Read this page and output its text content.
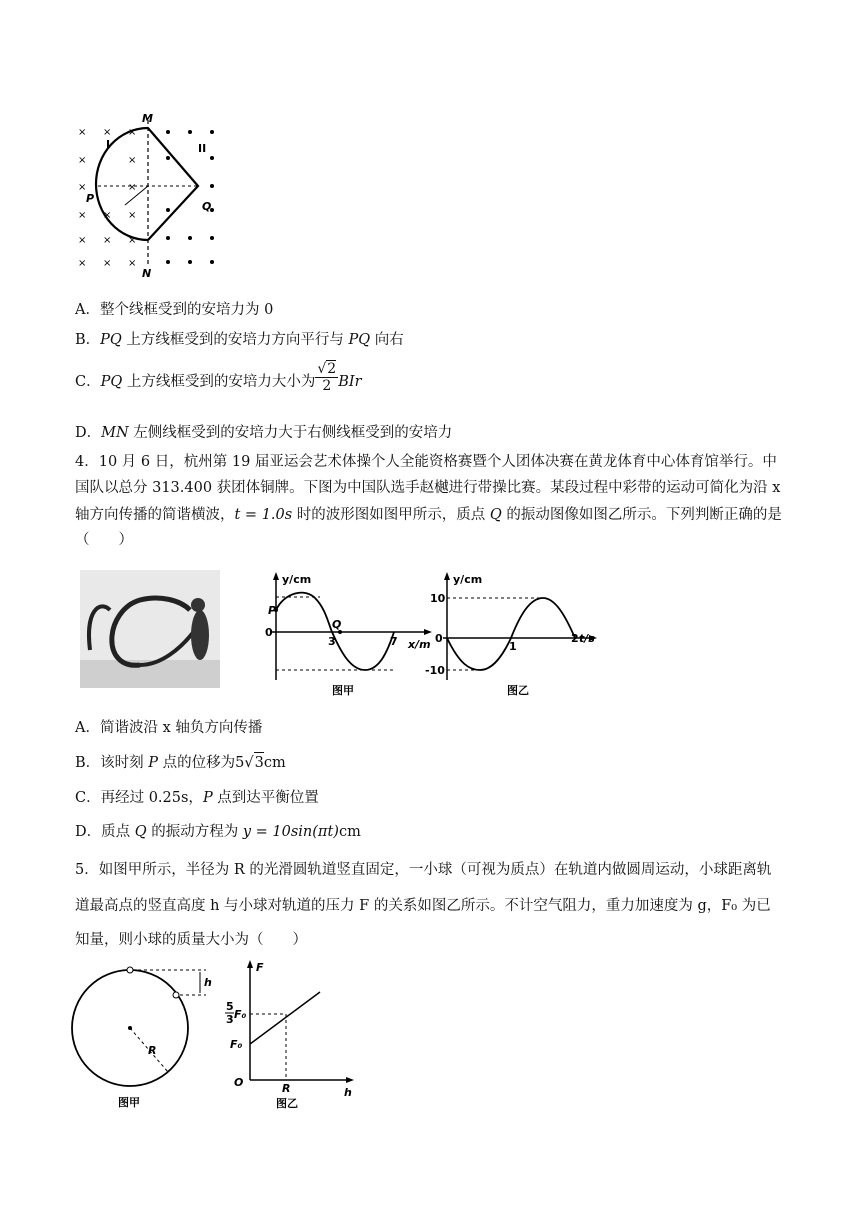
× × ×
×	×
×	×
× × ×
× × ×
× × ×
M
N
P
Q
I	II
A．整个线框受到的安培力为 0
B．PQ 上方线框受到的安培力方向平行与 PQ 向右
C．PQ 上方线框受到的安培力大小为 $\frac{√2}{2}$ BIr
D．MN 左侧线框受到的安培力大于右侧线框受到的安培力
4．10 月 6 日，杭州第 19 届亚运会艺术体操个人全能资格赛暨个人团体决赛在黄龙体育中心体育馆举行。中
国队以总分 313.400 获团体铜牌。下图为中国队选手赵樾进行带操比赛。某段过程中彩带的运动可简化为沿 x
轴方向传播的简谐横波，t = 1.0s 时的波形图如图甲所示，质点 Q 的振动图像如图乙所示。下列判断正确的是
（　　）
y/cm
P
0
Q
3	7 x/m
图甲
y/cm
10
0
-10
1
2 t/s
图乙
A．简谐波沿 x 轴负方向传播
B．该时刻 P 点的位移为5√3cm
C．再经过 0.25s，P 点到达平衡位置
D．质点 Q 的振动方程为 y = 10sin(πt)cm
5．如图甲所示，半径为 R 的光滑圆轨道竖直固定，一小球（可视为质点）在轨道内做圆周运动，小球距离轨
道最高点的竖直高度 h 与小球对轨道的压力 F 的关系如图乙所示。不计空气阻力，重力加速度为 g，F₀ 为已
知量，则小球的质量大小为（　　）
R
h
图甲
F
5
3 F₀
F₀
O	R	h
图乙
